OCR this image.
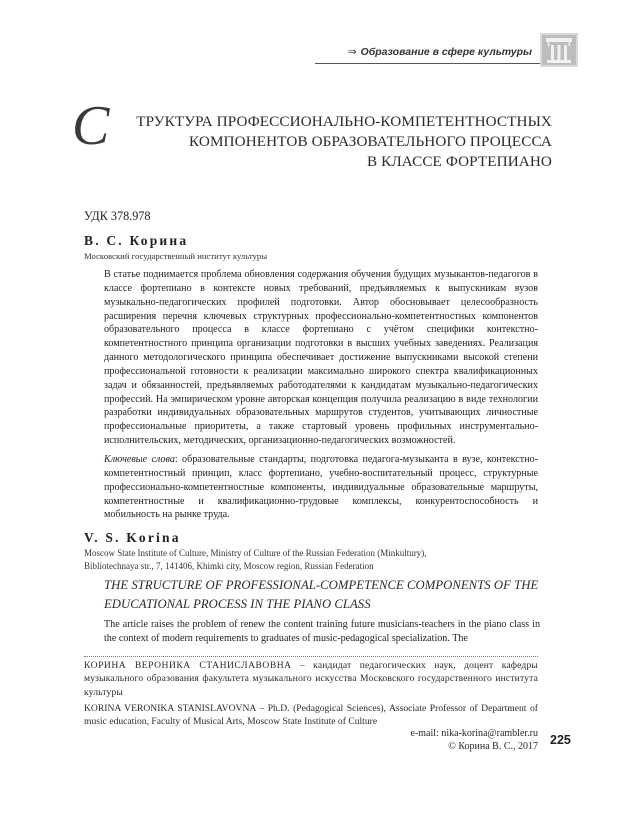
⇒ Образование в сфере культуры
С	ТРУКТУРА ПРОФЕССИОНАЛЬНО-КОМПЕТЕНТНОСТНЫХ
КОМПОНЕНТОВ ОБРАЗОВАТЕЛЬНОГО ПРОЦЕССА
В КЛАССЕ ФОРТЕПИАНО
УДК 378.978
В. С. Корина
Московский государственный институт культуры
В статье поднимается проблема обновления содержания обучения будущих музыкантов-педагогов в классе фортепиано в контексте новых требований, предъявляемых к выпускникам вузов музыкально-педагогических профилей подготовки. Автор обосновывает целесообразность расширения перечня ключевых структурных профессионально-компетентностных компонентов образовательного процесса в классе фортепиано с учётом специфики контекстно-компетентностного принципа организации подготовки в высших учебных заведениях. Реализация данного методологического принципа обеспечивает достижение выпускниками высокой степени профессиональной готовности к реализации максимально широкого спектра квалификационных задач и обязанностей, предъявляемых работодателями к кандидатам музыкально-педагогических профессий. На эмпирическом уровне авторская концепция получила реализацию в виде технологии разработки индивидуальных образовательных маршрутов студентов, учитывающих личностные профессиональные приоритеты, а также стартовый уровень профильных инструментально-исполнительских, методических, организационно-педагогических возможностей.
Ключевые слова: образовательные стандарты, подготовка педагога-музыканта в вузе, контекстно-компетентностный принцип, класс фортепиано, учебно-воспитательный процесс, структурные профессионально-компетентностные компоненты, индивидуальные образовательные маршруты, компетентностные и квалификационно-трудовые комплексы, конкурентоспособность и мобильность на рынке труда.
V. S. Korina
Moscow State Institute of Culture, Ministry of Culture of the Russian Federation (Minkultury),
Bibliotechnaya str., 7, 141406, Khimki city, Moscow region, Russian Federation
THE STRUCTURE OF PROFESSIONAL-COMPETENCE COMPONENTS OF THE EDUCATIONAL PROCESS IN THE PIANO CLASS
The article raises the problem of renew the content training future musicians-teachers in the piano class in the context of modern requirements to graduates of music-pedagogical specialization. The
КОРИНА ВЕРОНИКА СТАНИСЛАВОВНА – кандидат педагогических наук, доцент кафедры музыкального образования факультета музыкального искусства Московского государственного института культуры
KORINA VERONIKA STANISLAVOVNA – Ph.D. (Pedagogical Sciences), Associate Professor of Department of music education, Faculty of Musical Arts, Moscow State Institute of Culture
e-mail: nika-korina@rambler.ru
© Корина В. С., 2017 225
